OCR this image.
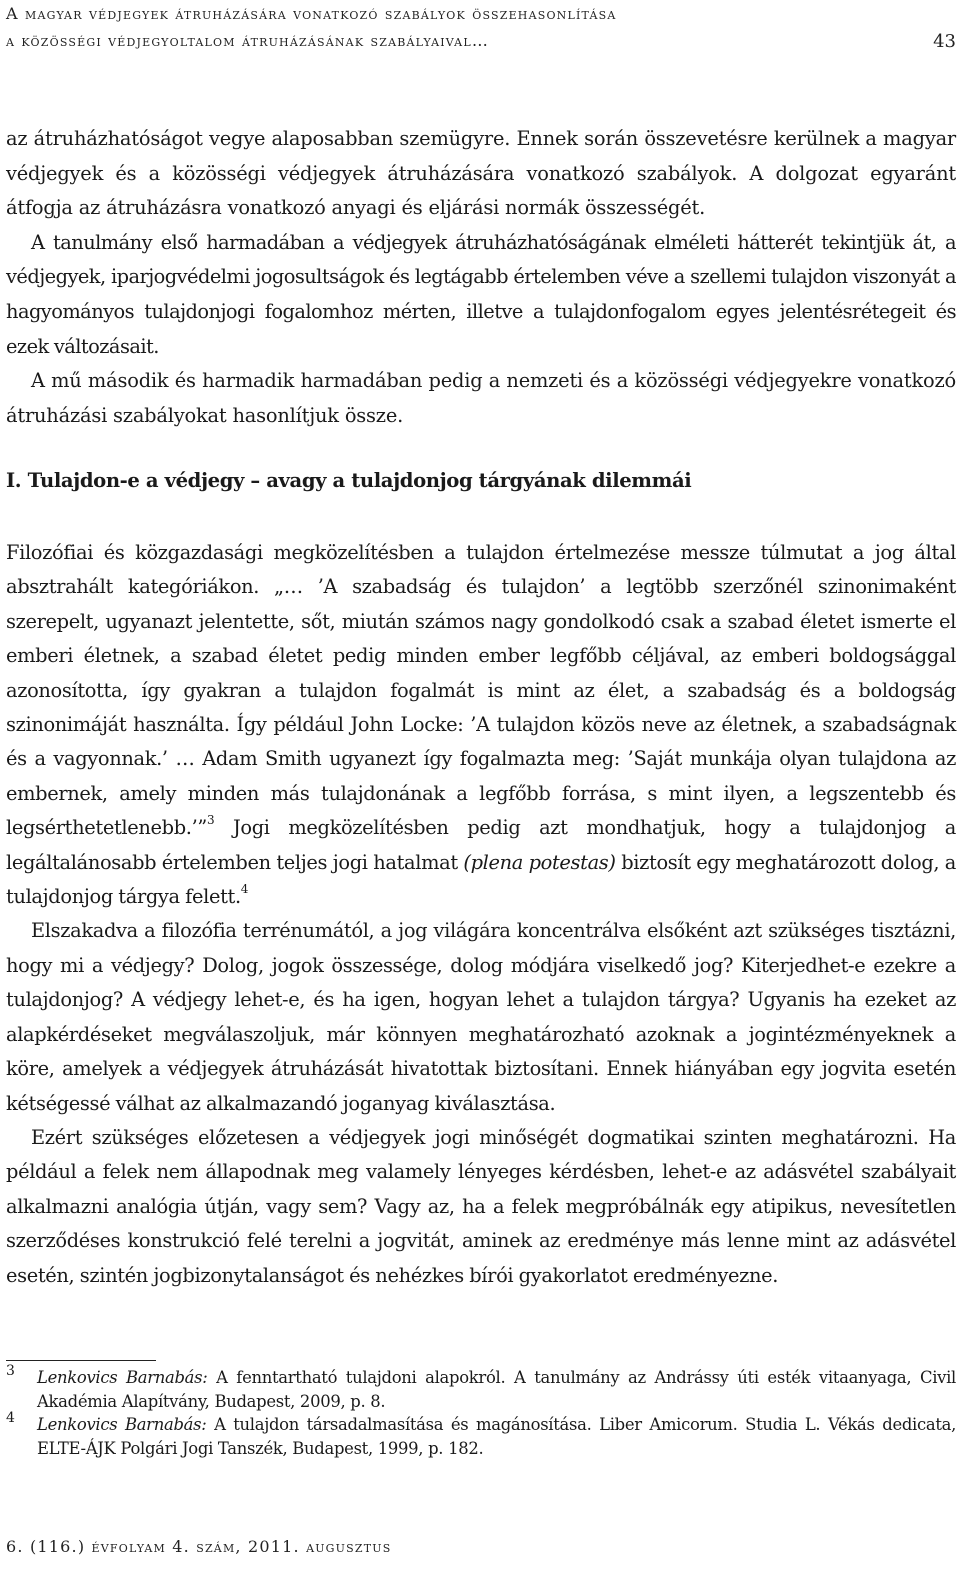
A magyar védjegyek átruházására vonatkozó szabályok összehasonlítása
a közösségi védjegyoltalom átruházásának szabályaival…	43

az átruházhatóságot vegye alaposabban szemügyre. Ennek során összevetésre kerülnek a magyar védjegyek és a közösségi védjegyek átruházására vonatkozó szabályok. A dolgozat egyaránt átfogja az átruházásra vonatkozó anyagi és eljárási normák összességét.

A tanulmány első harmadában a védjegyek átruházhatóságának elméleti hátterét tekintjük át, a védjegyek, iparjogvédelmi jogosultságok és legtágabb értelemben véve a szellemi tulajdon viszonyát a hagyományos tulajdonjogi fogalomhoz mérten, illetve a tulajdonfogalom egyes jelentésrétegeit és ezek változásait.

A mű második és harmadik harmadában pedig a nemzeti és a közösségi védjegyekre vonatkozó átruházási szabályokat hasonlítjuk össze.

I. Tulajdon-e a védjegy – avagy a tulajdonjog tárgyának dilemmái

Filozófiai és közgazdasági megközelítésben a tulajdon értelmezése messze túlmutat a jog által absztrahált kategóriákon. „… ’A szabadság és tulajdon’ a legtöbb szerzőnél szinonimaként szerepelt, ugyanazt jelentette, sőt, miután számos nagy gondolkodó csak a szabad életet ismerte el emberi életnek, a szabad életet pedig minden ember legfőbb céljával, az emberi boldogsággal azonosította, így gyakran a tulajdon fogalmát is mint az élet, a szabadság és a boldogság szinonimáját használta. Így például John Locke: ’A tulajdon közös neve az életnek, a szabadságnak és a vagyonnak.’ … Adam Smith ugyanezt így fogalmazta meg: ’Saját munkája olyan tulajdona az embernek, amely minden más tulajdonának a legfőbb forrása, s mint ilyen, a legszentebb és legsérthetetlenebb.’”$^3$ Jogi megközelítésben pedig azt mondhatjuk, hogy a tulajdonjog a legáltalánosabb értelemben teljes jogi hatalmat (plena potestas) biztosít egy meghatározott dolog, a tulajdonjog tárgya felett.$^4$

Elszakadva a filozófia terrénumától, a jog világára koncentrálva elsőként azt szükséges tisztázni, hogy mi a védjegy? Dolog, jogok összessége, dolog módjára viselkedő jog? Kiterjedhet-e ezekre a tulajdonjog? A védjegy lehet-e, és ha igen, hogyan lehet a tulajdon tárgya? Ugyanis ha ezeket az alapkérdéseket megválaszoljuk, már könnyen meghatározható azoknak a jogintézményeknek a köre, amelyek a védjegyek átruházását hivatottak biztosítani. Ennek hiányában egy jogvita esetén kétségessé válhat az alkalmazandó joganyag kiválasztása.

Ezért szükséges előzetesen a védjegyek jogi minőségét dogmatikai szinten meghatározni. Ha például a felek nem állapodnak meg valamely lényeges kérdésben, lehet-e az adásvétel szabályait alkalmazni analógia útján, vagy sem? Vagy az, ha a felek megpróbálnák egy atipikus, nevesítetlen szerződéses konstrukció felé terelni a jogvitát, aminek az eredménye más lenne mint az adásvétel esetén, szintén jogbizonytalanságot és nehézkes bírói gyakorlatot eredményezne.

3 Lenkovics Barnabás: A fenntartható tulajdoni alapokról. A tanulmány az Andrássy úti esték vitaanyaga, Civil Akadémia Alapítvány, Budapest, 2009, p. 8.
4 Lenkovics Barnabás: A tulajdon társadalmasítása és magánosítása. Liber Amicorum. Studia L. Vékás dedicata, ELTE-ÁJK Polgári Jogi Tanszék, Budapest, 1999, p. 182.
6. (116.) évfolyam 4. szám, 2011. augusztus
